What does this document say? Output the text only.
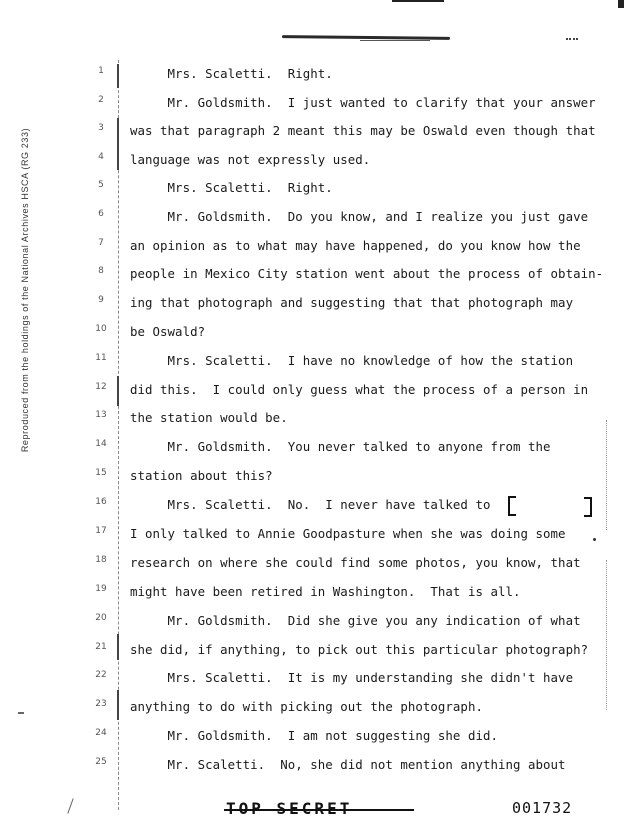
Reproduced from the holdings of the National Archives HSCA (RG 233)
1
2
3
4
5
6
7
8
9
10
11
12
13
14
15
16
17
18
19
20
21
22
23
24
25
Mrs. Scaletti.  Right.
Mr. Goldsmith.  I just wanted to clarify that your answer
was that paragraph 2 meant this may be Oswald even though that
language was not expressly used.
Mrs. Scaletti.  Right.
Mr. Goldsmith.  Do you know, and I realize you just gave
an opinion as to what may have happened, do you know how the
people in Mexico City station went about the process of obtain-
ing that photograph and suggesting that that photograph may
be Oswald?
Mrs. Scaletti.  I have no knowledge of how the station
did this.  I could only guess what the process of a person in
the station would be.
Mr. Goldsmith.  You never talked to anyone from the
station about this?
Mrs. Scaletti.  No.  I never have talked to
I only talked to Annie Goodpasture when she was doing some
research on where she could find some photos, you know, that
might have been retired in Washington.  That is all.
Mr. Goldsmith.  Did she give you any indication of what
she did, if anything, to pick out this particular photograph?
Mrs. Scaletti.  It is my understanding she didn't have
anything to do with picking out the photograph.
Mr. Goldsmith.  I am not suggesting she did.
Mr. Scaletti.  No, she did not mention anything about
001732
